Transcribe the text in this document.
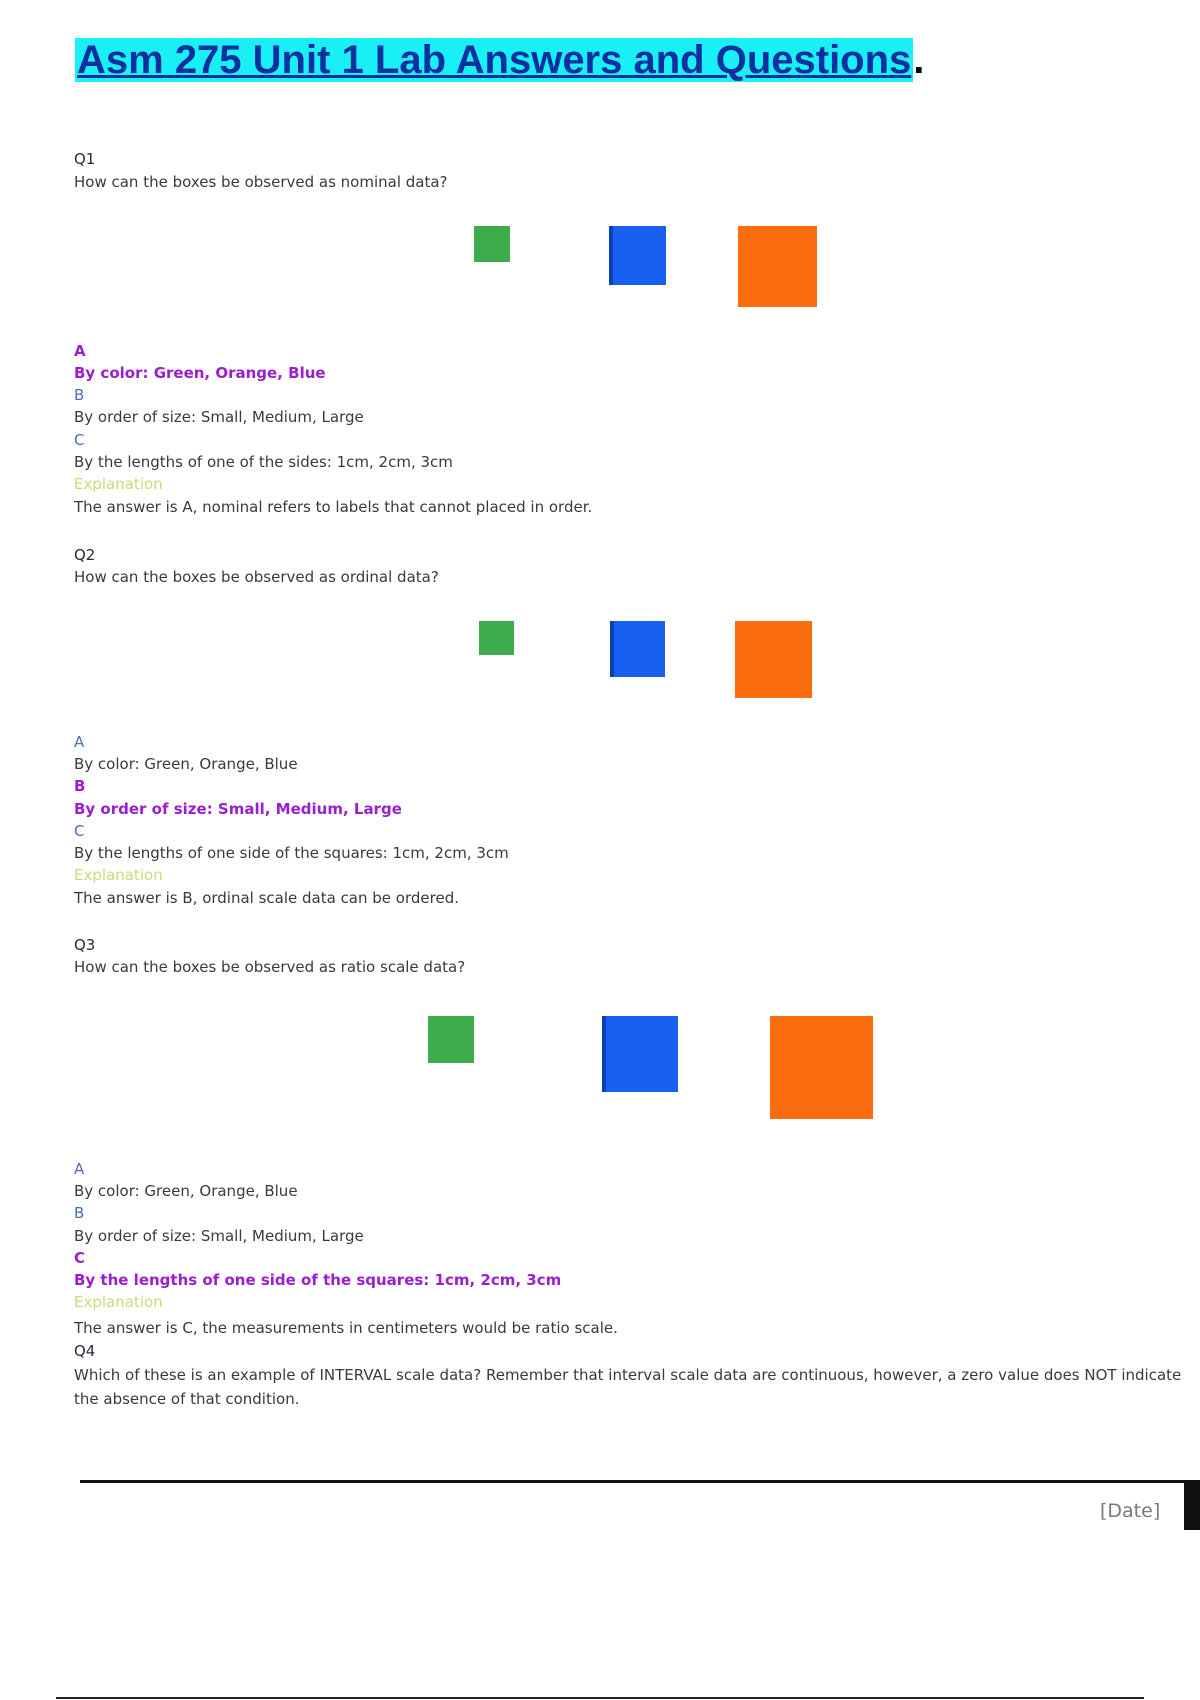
Asm 275 Unit 1 Lab Answers and Questions.
Q1
How can the boxes be observed as nominal data?
A
By color: Green, Orange, Blue
B
By order of size: Small, Medium, Large
C
By the lengths of one of the sides: 1cm, 2cm, 3cm
Explanation
The answer is A, nominal refers to labels that cannot placed in order.
Q2
How can the boxes be observed as ordinal data?
A
By color: Green, Orange, Blue
B
By order of size: Small, Medium, Large
C
By the lengths of one side of the squares: 1cm, 2cm, 3cm
Explanation
The answer is B, ordinal scale data can be ordered.
Q3
How can the boxes be observed as ratio scale data?
A
By color: Green, Orange, Blue
B
By order of size: Small, Medium, Large
C
By the lengths of one side of the squares: 1cm, 2cm, 3cm
Explanation
The answer is C, the measurements in centimeters would be ratio scale.
Q4
Which of these is an example of INTERVAL scale data? Remember that interval scale data are continuous, however, a zero value does NOT indicate the absence of that condition.
[Date]
